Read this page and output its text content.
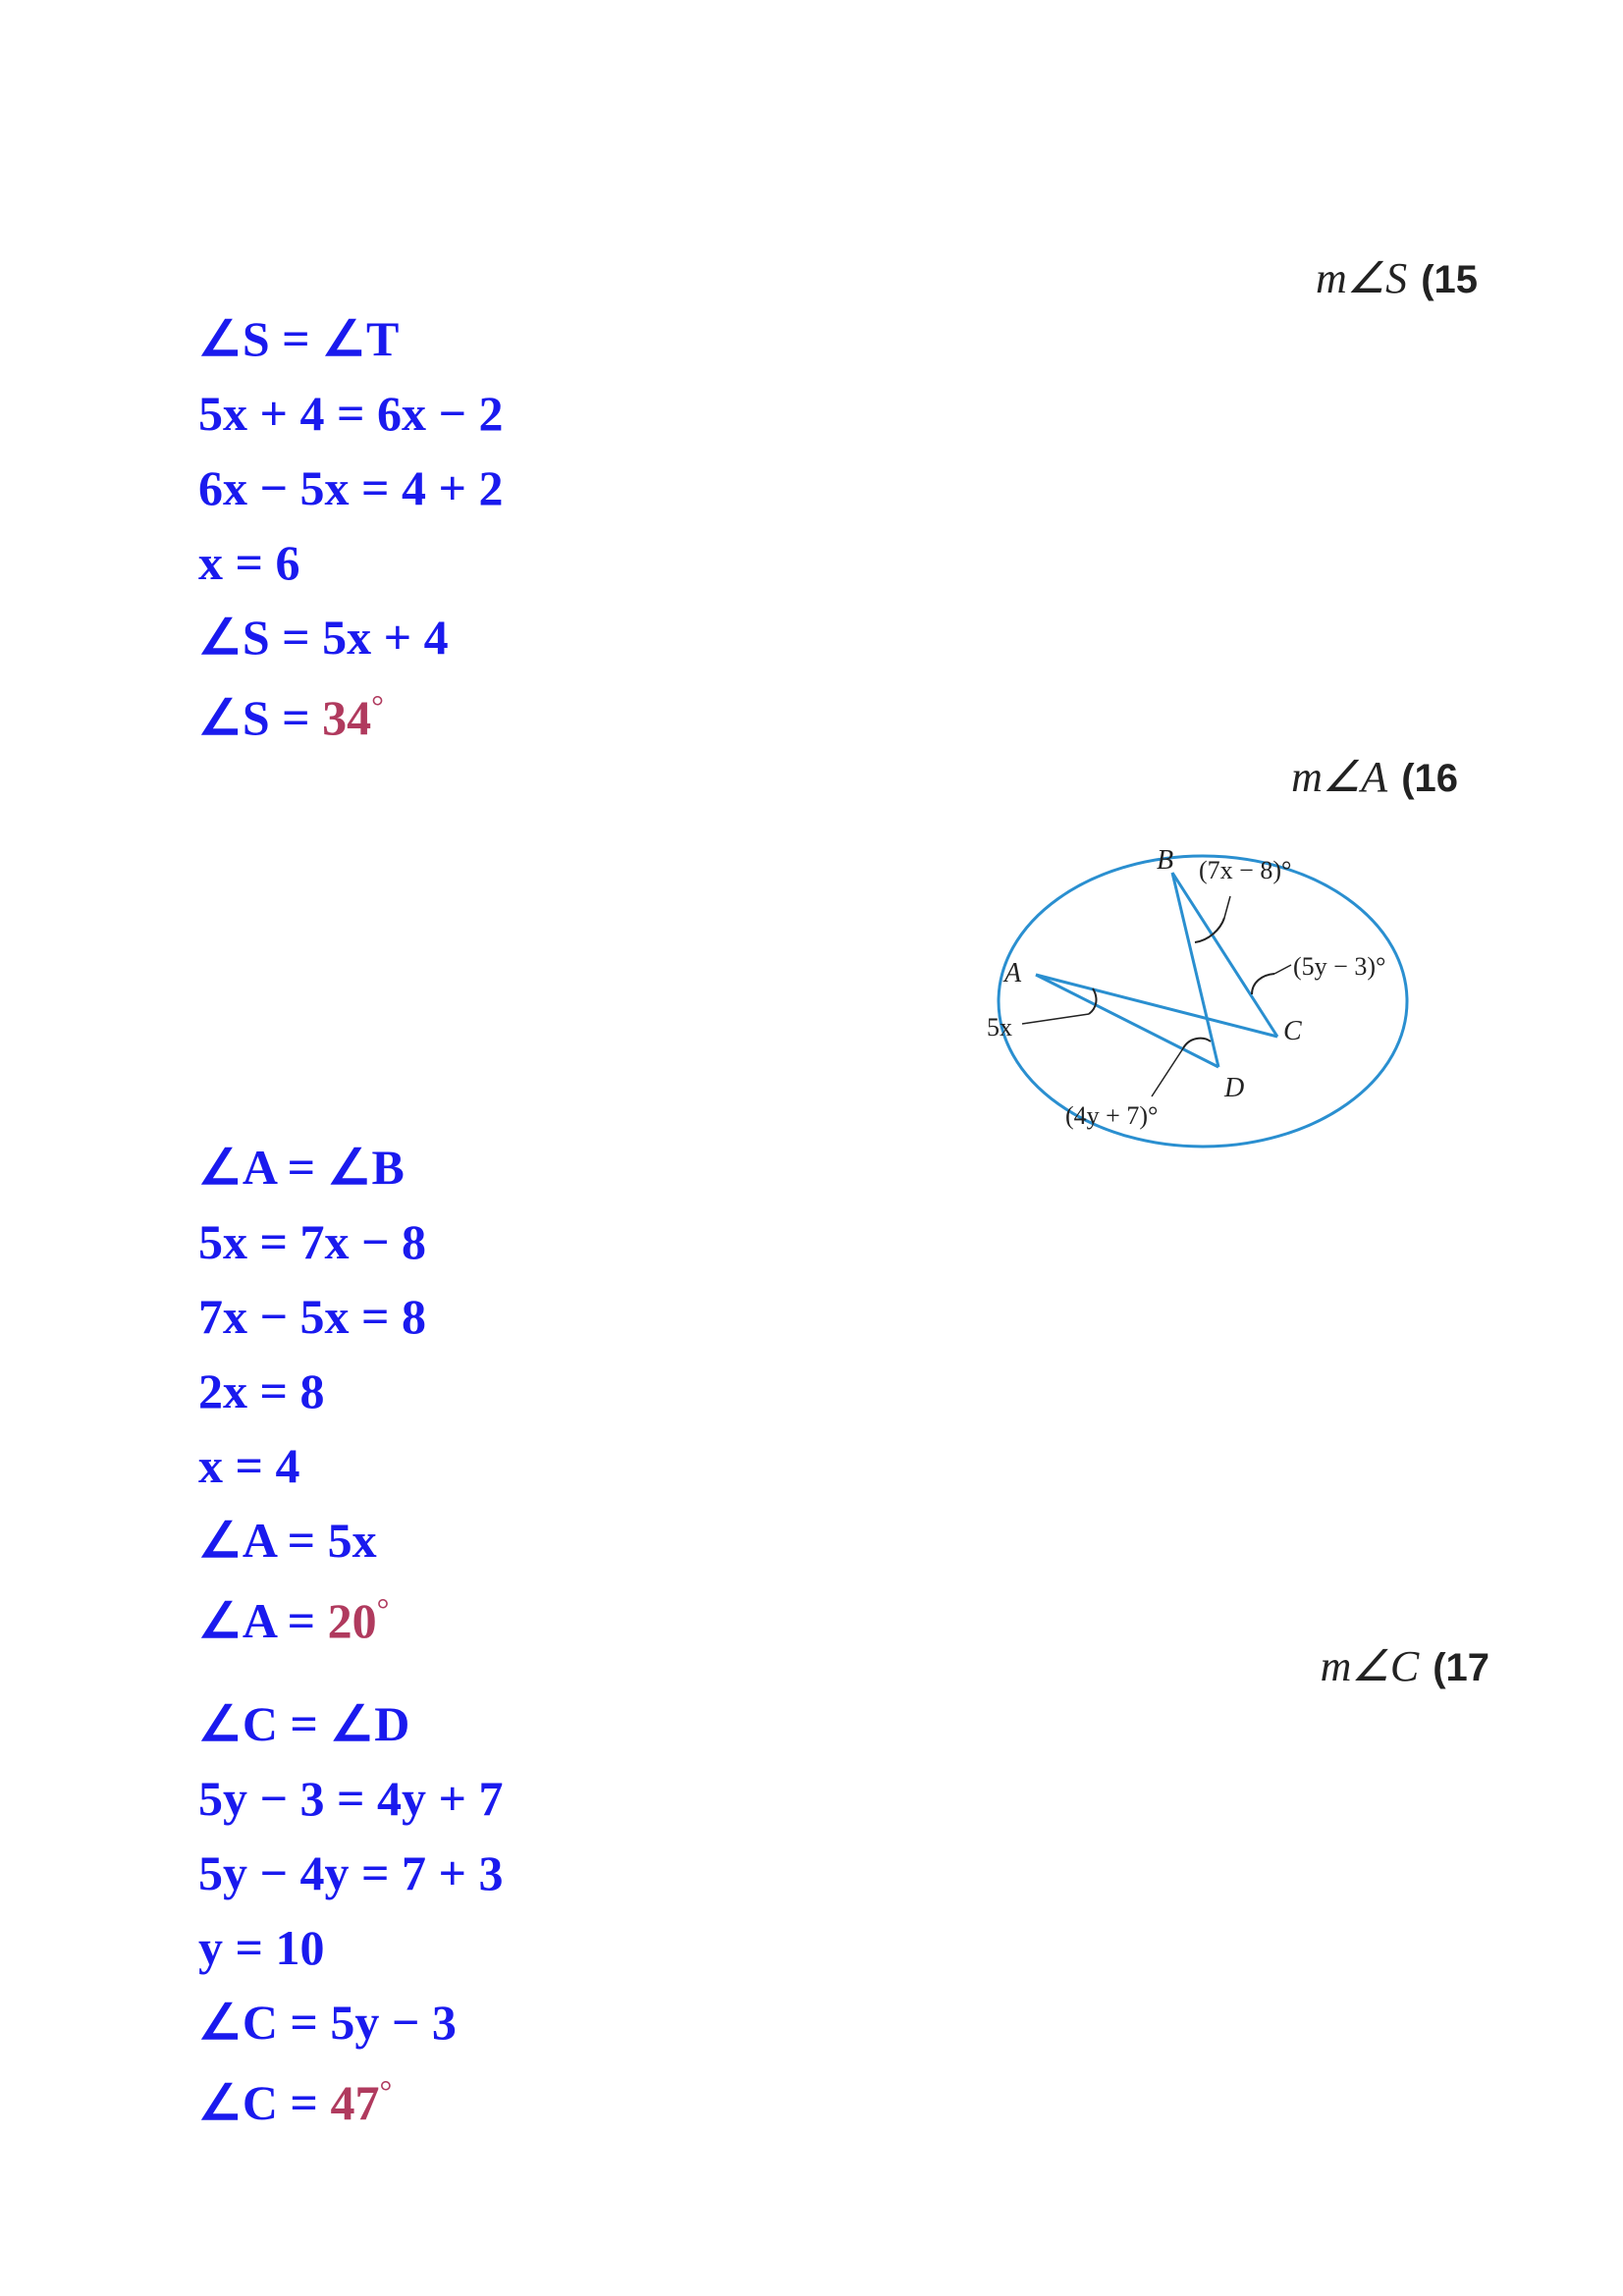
m∠S (15
∠S = ∠T
5x + 4 = 6x − 2
6x − 5x = 4 + 2
x = 6
∠S = 5x + 4
∠S = 34°
m∠A (16
B
A
C
D
(7x − 8)°
(5y − 3)°
5x
(4y + 7)°
∠A = ∠B
5x = 7x − 8
7x − 5x = 8
2x = 8
x = 4
∠A = 5x
∠A = 20°
m∠C (17
∠C = ∠D
5y − 3 = 4y + 7
5y − 4y = 7 + 3
y = 10
∠C = 5y − 3
∠C = 47°
